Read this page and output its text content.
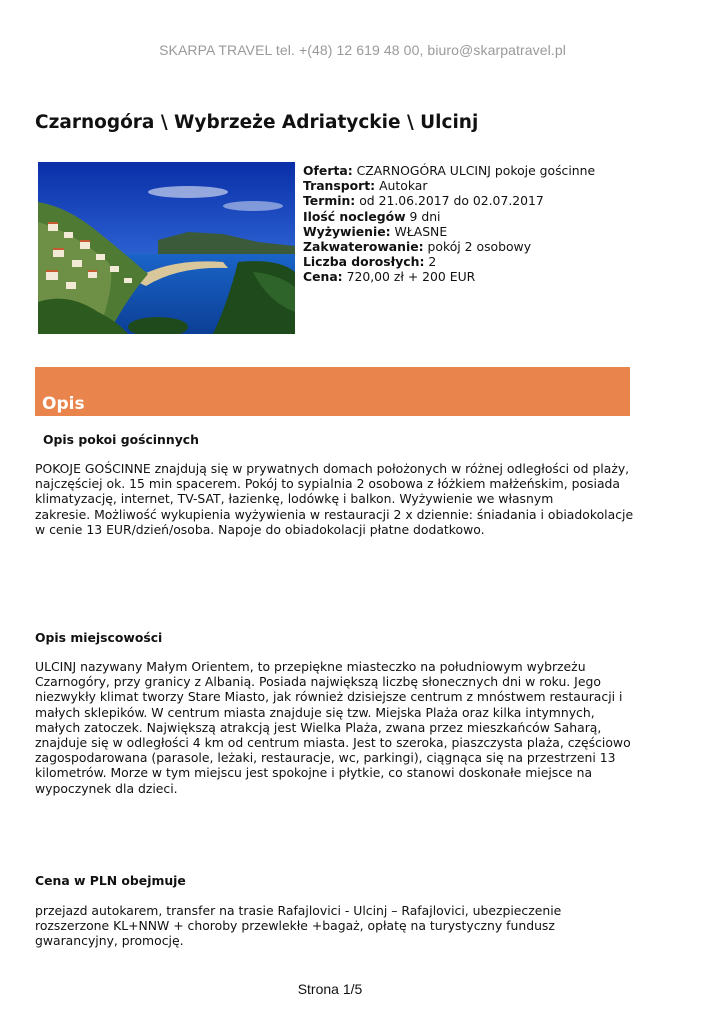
SKARPA TRAVEL tel. +(48) 12 619 48 00, biuro@skarpatravel.pl
Czarnogóra \ Wybrzeże Adriatyckie \ Ulcinj
Oferta: CZARNOGÓRA ULCINJ pokoje gościnne
Transport: Autokar
Termin: od 21.06.2017 do 02.07.2017
Ilość noclegów 9 dni
Wyżywienie: WŁASNE
Zakwaterowanie: pokój 2 osobowy
Liczba dorosłych: 2
Cena: 720,00 zł + 200 EUR
Opis
Opis pokoi gościnnych
POKOJE GOŚCINNE znajdują się w prywatnych domach położonych w różnej odległości od plaży,
najczęściej ok. 15 min spacerem. Pokój to sypialnia 2 osobowa z łóżkiem małżeńskim, posiada
klimatyzację, internet, TV-SAT, łazienkę, lodówkę i balkon. Wyżywienie we własnym
zakresie. Możliwość wykupienia wyżywienia w restauracji 2 x dziennie: śniadania i obiadokolacje
w cenie 13 EUR/dzień/osoba. Napoje do obiadokolacji płatne dodatkowo.
Opis miejscowości
ULCINJ nazywany Małym Orientem, to przepiękne miasteczko na południowym wybrzeżu
Czarnogóry, przy granicy z Albanią. Posiada największą liczbę słonecznych dni w roku. Jego
niezwykły klimat tworzy Stare Miasto, jak również dzisiejsze centrum z mnóstwem restauracji i
małych sklepików. W centrum miasta znajduje się tzw. Miejska Plaża oraz kilka intymnych,
małych zatoczek. Największą atrakcją jest Wielka Plaża, zwana przez mieszkańców Saharą,
znajduje się w odległości 4 km od centrum miasta. Jest to szeroka, piaszczysta plaża, częściowo
zagospodarowana (parasole, leżaki, restauracje, wc, parkingi), ciągnąca się na przestrzeni 13
kilometrów. Morze w tym miejscu jest spokojne i płytkie, co stanowi doskonałe miejsce na
wypoczynek dla dzieci.
Cena w PLN obejmuje
przejazd autokarem, transfer na trasie Rafajlovici - Ulcinj – Rafajlovici, ubezpieczenie
rozszerzone KL+NNW + choroby przewlekłe +bagaż, opłatę na turystyczny fundusz
gwarancyjny, promocję.
Strona 1/5
